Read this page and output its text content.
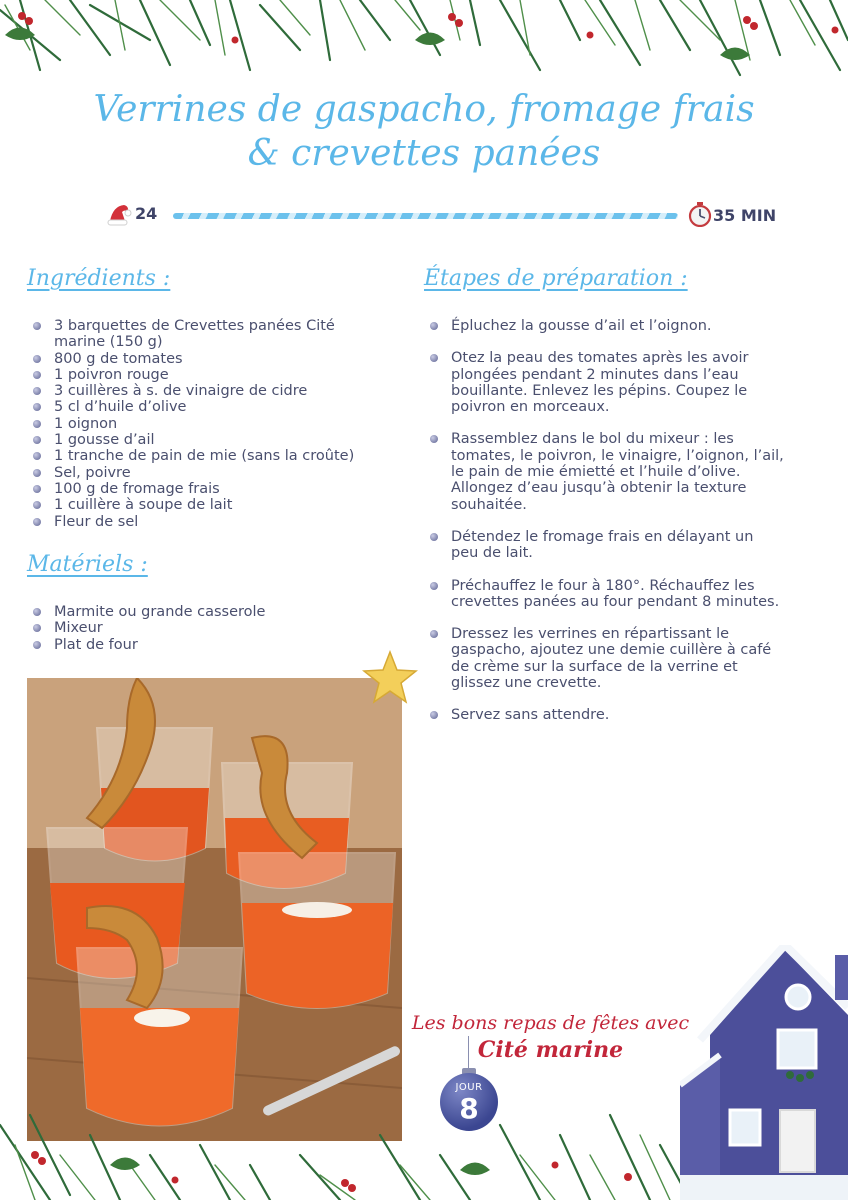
Verrines de gaspacho, fromage frais
& crevettes panées
24	35 MIN
Ingrédients :
3 barquettes de Crevettes panées Cité marine (150 g)
800 g de tomates
1 poivron rouge
3 cuillères à s. de vinaigre de cidre
5 cl d’huile d’olive
1 oignon
1 gousse d’ail
1 tranche de pain de mie (sans la croûte)
Sel, poivre
100 g de fromage frais
1 cuillère à soupe de lait
Fleur de sel
Matériels :
Marmite ou grande casserole
Mixeur
Plat de four
Étapes de préparation :
Épluchez la gousse d’ail et l’oignon.
Otez la peau des tomates après les avoir plongées pendant 2 minutes dans l’eau bouillante. Enlevez les pépins. Coupez le poivron en morceaux.
Rassemblez dans le bol du mixeur : les tomates, le poivron, le vinaigre, l’oignon, l’ail, le pain de mie émietté et l’huile d’olive. Allongez d’eau jusqu’à obtenir la texture souhaitée.
Détendez le fromage frais en délayant un peu de lait.
Préchauffez le four à 180°. Réchauffez les crevettes panées au four pendant 8 minutes.
Dressez les verrines en répartissant le gaspacho, ajoutez une demie cuillère à café de crème sur la surface de la verrine et glissez une crevette.
Servez sans attendre.
Les bons repas de fêtes avec
Cité marine
JOUR
8
